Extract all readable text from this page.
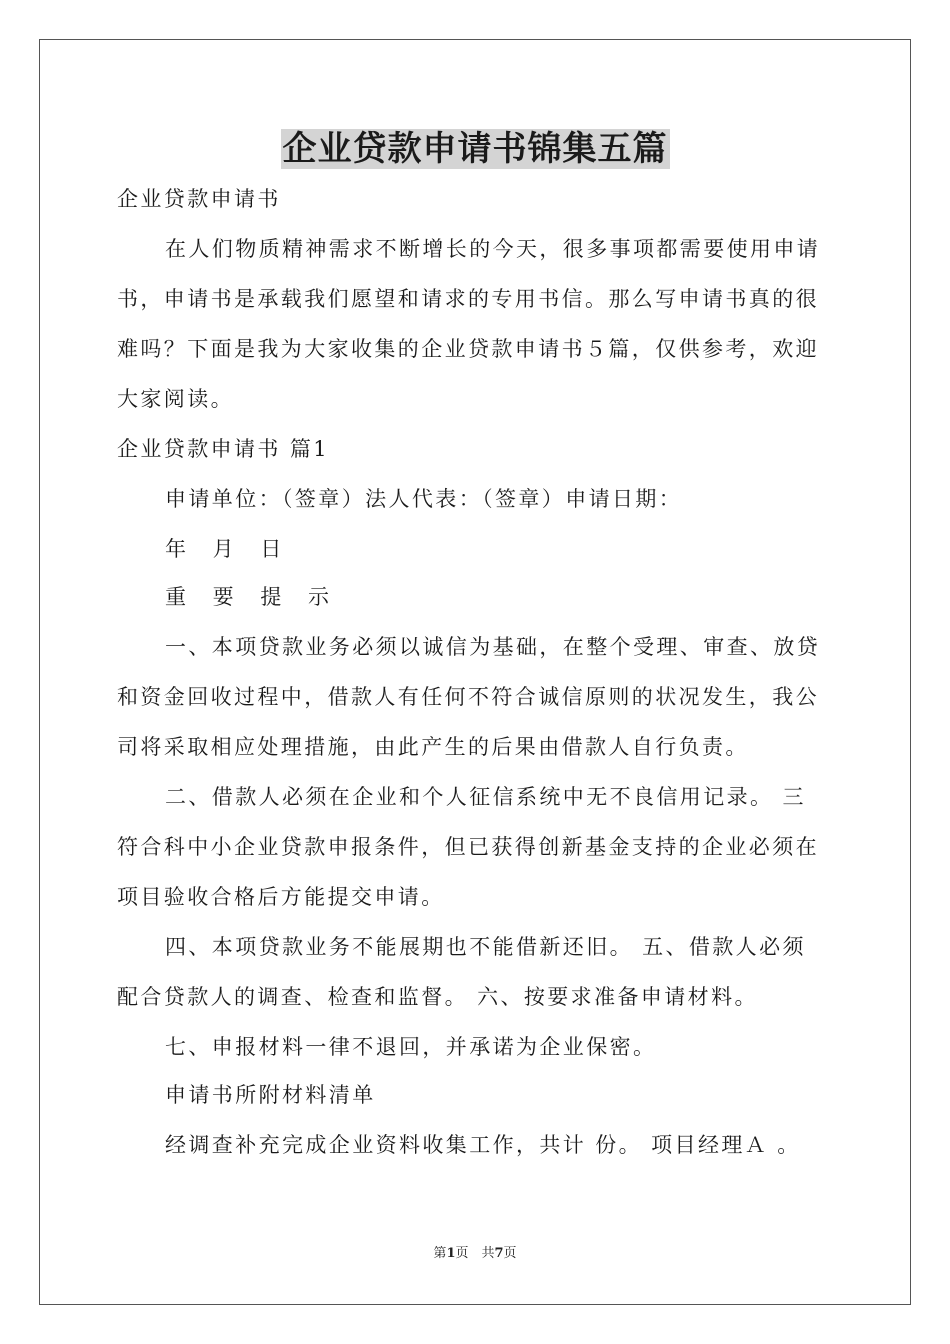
企业贷款申请书锦集五篇
企业贷款申请书
在人们物质精神需求不断增长的今天，很多事项都需要使用申请
书，申请书是承载我们愿望和请求的专用书信。那么写申请书真的很
难吗？下面是我为大家收集的企业贷款申请书５篇，仅供参考，欢迎
大家阅读。
企业贷款申请书 篇1
申请单位：（签章）法人代表：（签章）申请日期：
年 月 日
重 要 提 示
一、本项贷款业务必须以诚信为基础，在整个受理、审查、放贷
和资金回收过程中，借款人有任何不符合诚信原则的状况发生，我公
司将采取相应处理措施，由此产生的后果由借款人自行负责。
二、借款人必须在企业和个人征信系统中无不良信用记录。 三
符合科中小企业贷款申报条件，但已获得创新基金支持的企业必须在
项目验收合格后方能提交申请。
四、本项贷款业务不能展期也不能借新还旧。 五、借款人必须
配合贷款人的调查、检查和监督。 六、按要求准备申请材料。
七、申报材料一律不退回，并承诺为企业保密。
申请书所附材料清单
经调查补充完成企业资料收集工作，共计 份。 项目经理Ａ 。
第1页　共7页
